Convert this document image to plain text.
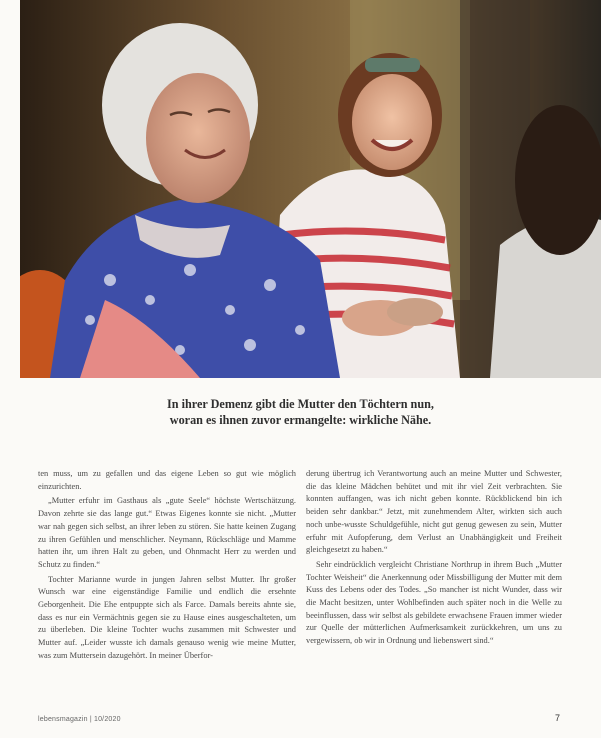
In ihrer Demenz gibt die Mutter den Töchtern nun,
woran es ihnen zuvor ermangelte: wirkliche Nähe.

ten muss, um zu gefallen und das eigene Leben so gut wie möglich einzurichten.

„Mutter erfuhr im Gasthaus als „gute Seele“ höchste Wertschätzung. Davon zehrte sie das lange gut.“ Etwas Eigenes konnte sie nicht. „Mutter war nah gegen sich selbst, an ihrer leben zu stören. Sie hatte keinen Zugang zu ihren Gefühlen und menschlicher. Neymann, Rückschläge und Mamme hatten ihr, um ihren Halt zu geben, und Ohnmacht Herr zu werden und Schutz zu finden.“

Tochter Marianne wurde in jungen Jahren selbst Mutter. Ihr großer Wunsch war eine eigenständige Familie und endlich die ersehnte Geborgenheit. Die Ehe entpuppte sich als Farce. Damals bereits ahnte sie, dass es nur ein Vermächtnis gegen sie zu Hause eines ausgeschalteten, um zu überleben. Die kleine Tochter wuchs zusammen mit Schwester und Mutter auf. „Leider wusste ich damals genauso wenig wie meine Mutter, was zum Muttersein dazugehört. In meiner Überfor-

derung übertrug ich Verantwortung auch an meine Mutter und Schwester, die das kleine Mädchen behütet und mit ihr viel Zeit verbrachten. Sie konnten auffangen, was ich nicht geben konnte. Rückblickend bin ich beiden sehr dankbar.“ Jetzt, mit zunehmendem Alter, wirkten sich auch noch unbe-wusste Schuldgefühle, nicht gut genug gewesen zu sein, Mutter erfuhr mit Aufopferung, dem Verlust an Unabhängigkeit und Freiheit gleichgesetzt zu haben.“

Sehr eindrücklich vergleicht Christiane Northrup in ihrem Buch „Mutter Tochter Weisheit“ die Anerkennung oder Missbilligung der Mutter mit dem Kuss des Lebens oder des Todes. „So mancher ist nicht Wunder, dass wir die Macht besitzen, unter Wohlbefinden auch später noch in die Welle zu beeinflussen, dass wir selbst als gebildete erwachsene Frauen immer wieder zur Quelle der mütterlichen Aufmerksamkeit zurückkehren, um uns zu vergewissern, ob wir in Ordnung und liebenswert sind.“

lebensmagazin | 10/2020	7
